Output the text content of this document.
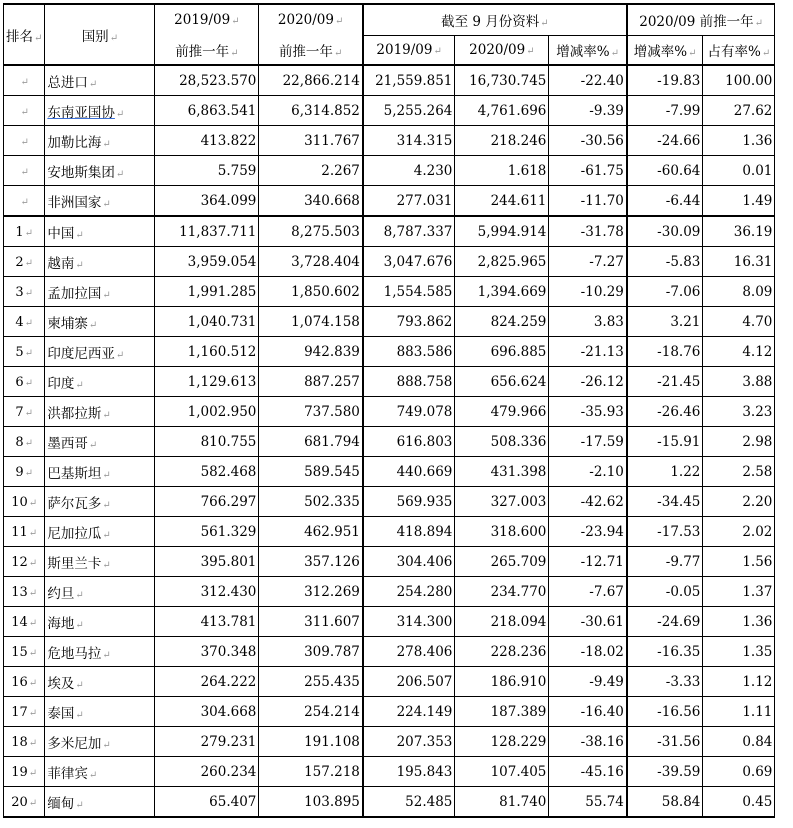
排名↵	国别↵	2019/09↵	2020/09↵	截至 9 月份资料↵			2020/09 前推一年↵	
		前推一年↵	前推一年↵	2019/09↵	2020/09↵	增减率%↵	增减率%↵	占有率%↵
↵	总进口↵	28,523.570	22,866.214	21,559.851	16,730.745	-22.40	-19.83	100.00
↵	东南亚国协↵	6,863.541	6,314.852	5,255.264	4,761.696	-9.39	-7.99	27.62
↵	加勒比海↵	413.822	311.767	314.315	218.246	-30.56	-24.66	1.36
↵	安地斯集团↵	5.759	2.267	4.230	1.618	-61.75	-60.64	0.01
↵	非洲国家↵	364.099	340.668	277.031	244.611	-11.70	-6.44	1.49
1↵	中国↵	11,837.711	8,275.503	8,787.337	5,994.914	-31.78	-30.09	36.19
2↵	越南↵	3,959.054	3,728.404	3,047.676	2,825.965	-7.27	-5.83	16.31
3↵	孟加拉国↵	1,991.285	1,850.602	1,554.585	1,394.669	-10.29	-7.06	8.09
4↵	柬埔寨↵	1,040.731	1,074.158	793.862	824.259	3.83	3.21	4.70
5↵	印度尼西亚↵	1,160.512	942.839	883.586	696.885	-21.13	-18.76	4.12
6↵	印度↵	1,129.613	887.257	888.758	656.624	-26.12	-21.45	3.88
7↵	洪都拉斯↵	1,002.950	737.580	749.078	479.966	-35.93	-26.46	3.23
8↵	墨西哥↵	810.755	681.794	616.803	508.336	-17.59	-15.91	2.98
9↵	巴基斯坦↵	582.468	589.545	440.669	431.398	-2.10	1.22	2.58
10↵	萨尔瓦多↵	766.297	502.335	569.935	327.003	-42.62	-34.45	2.20
11↵	尼加拉瓜↵	561.329	462.951	418.894	318.600	-23.94	-17.53	2.02
12↵	斯里兰卡↵	395.801	357.126	304.406	265.709	-12.71	-9.77	1.56
13↵	约旦↵	312.430	312.269	254.280	234.770	-7.67	-0.05	1.37
14↵	海地↵	413.781	311.607	314.300	218.094	-30.61	-24.69	1.36
15↵	危地马拉↵	370.348	309.787	278.406	228.236	-18.02	-16.35	1.35
16↵	埃及↵	264.222	255.435	206.507	186.910	-9.49	-3.33	1.12
17↵	泰国↵	304.668	254.214	224.149	187.389	-16.40	-16.56	1.11
18↵	多米尼加↵	279.231	191.108	207.353	128.229	-38.16	-31.56	0.84
19↵	菲律宾↵	260.234	157.218	195.843	107.405	-45.16	-39.59	0.69
20↵	缅甸↵	65.407	103.895	52.485	81.740	55.74	58.84	0.45
